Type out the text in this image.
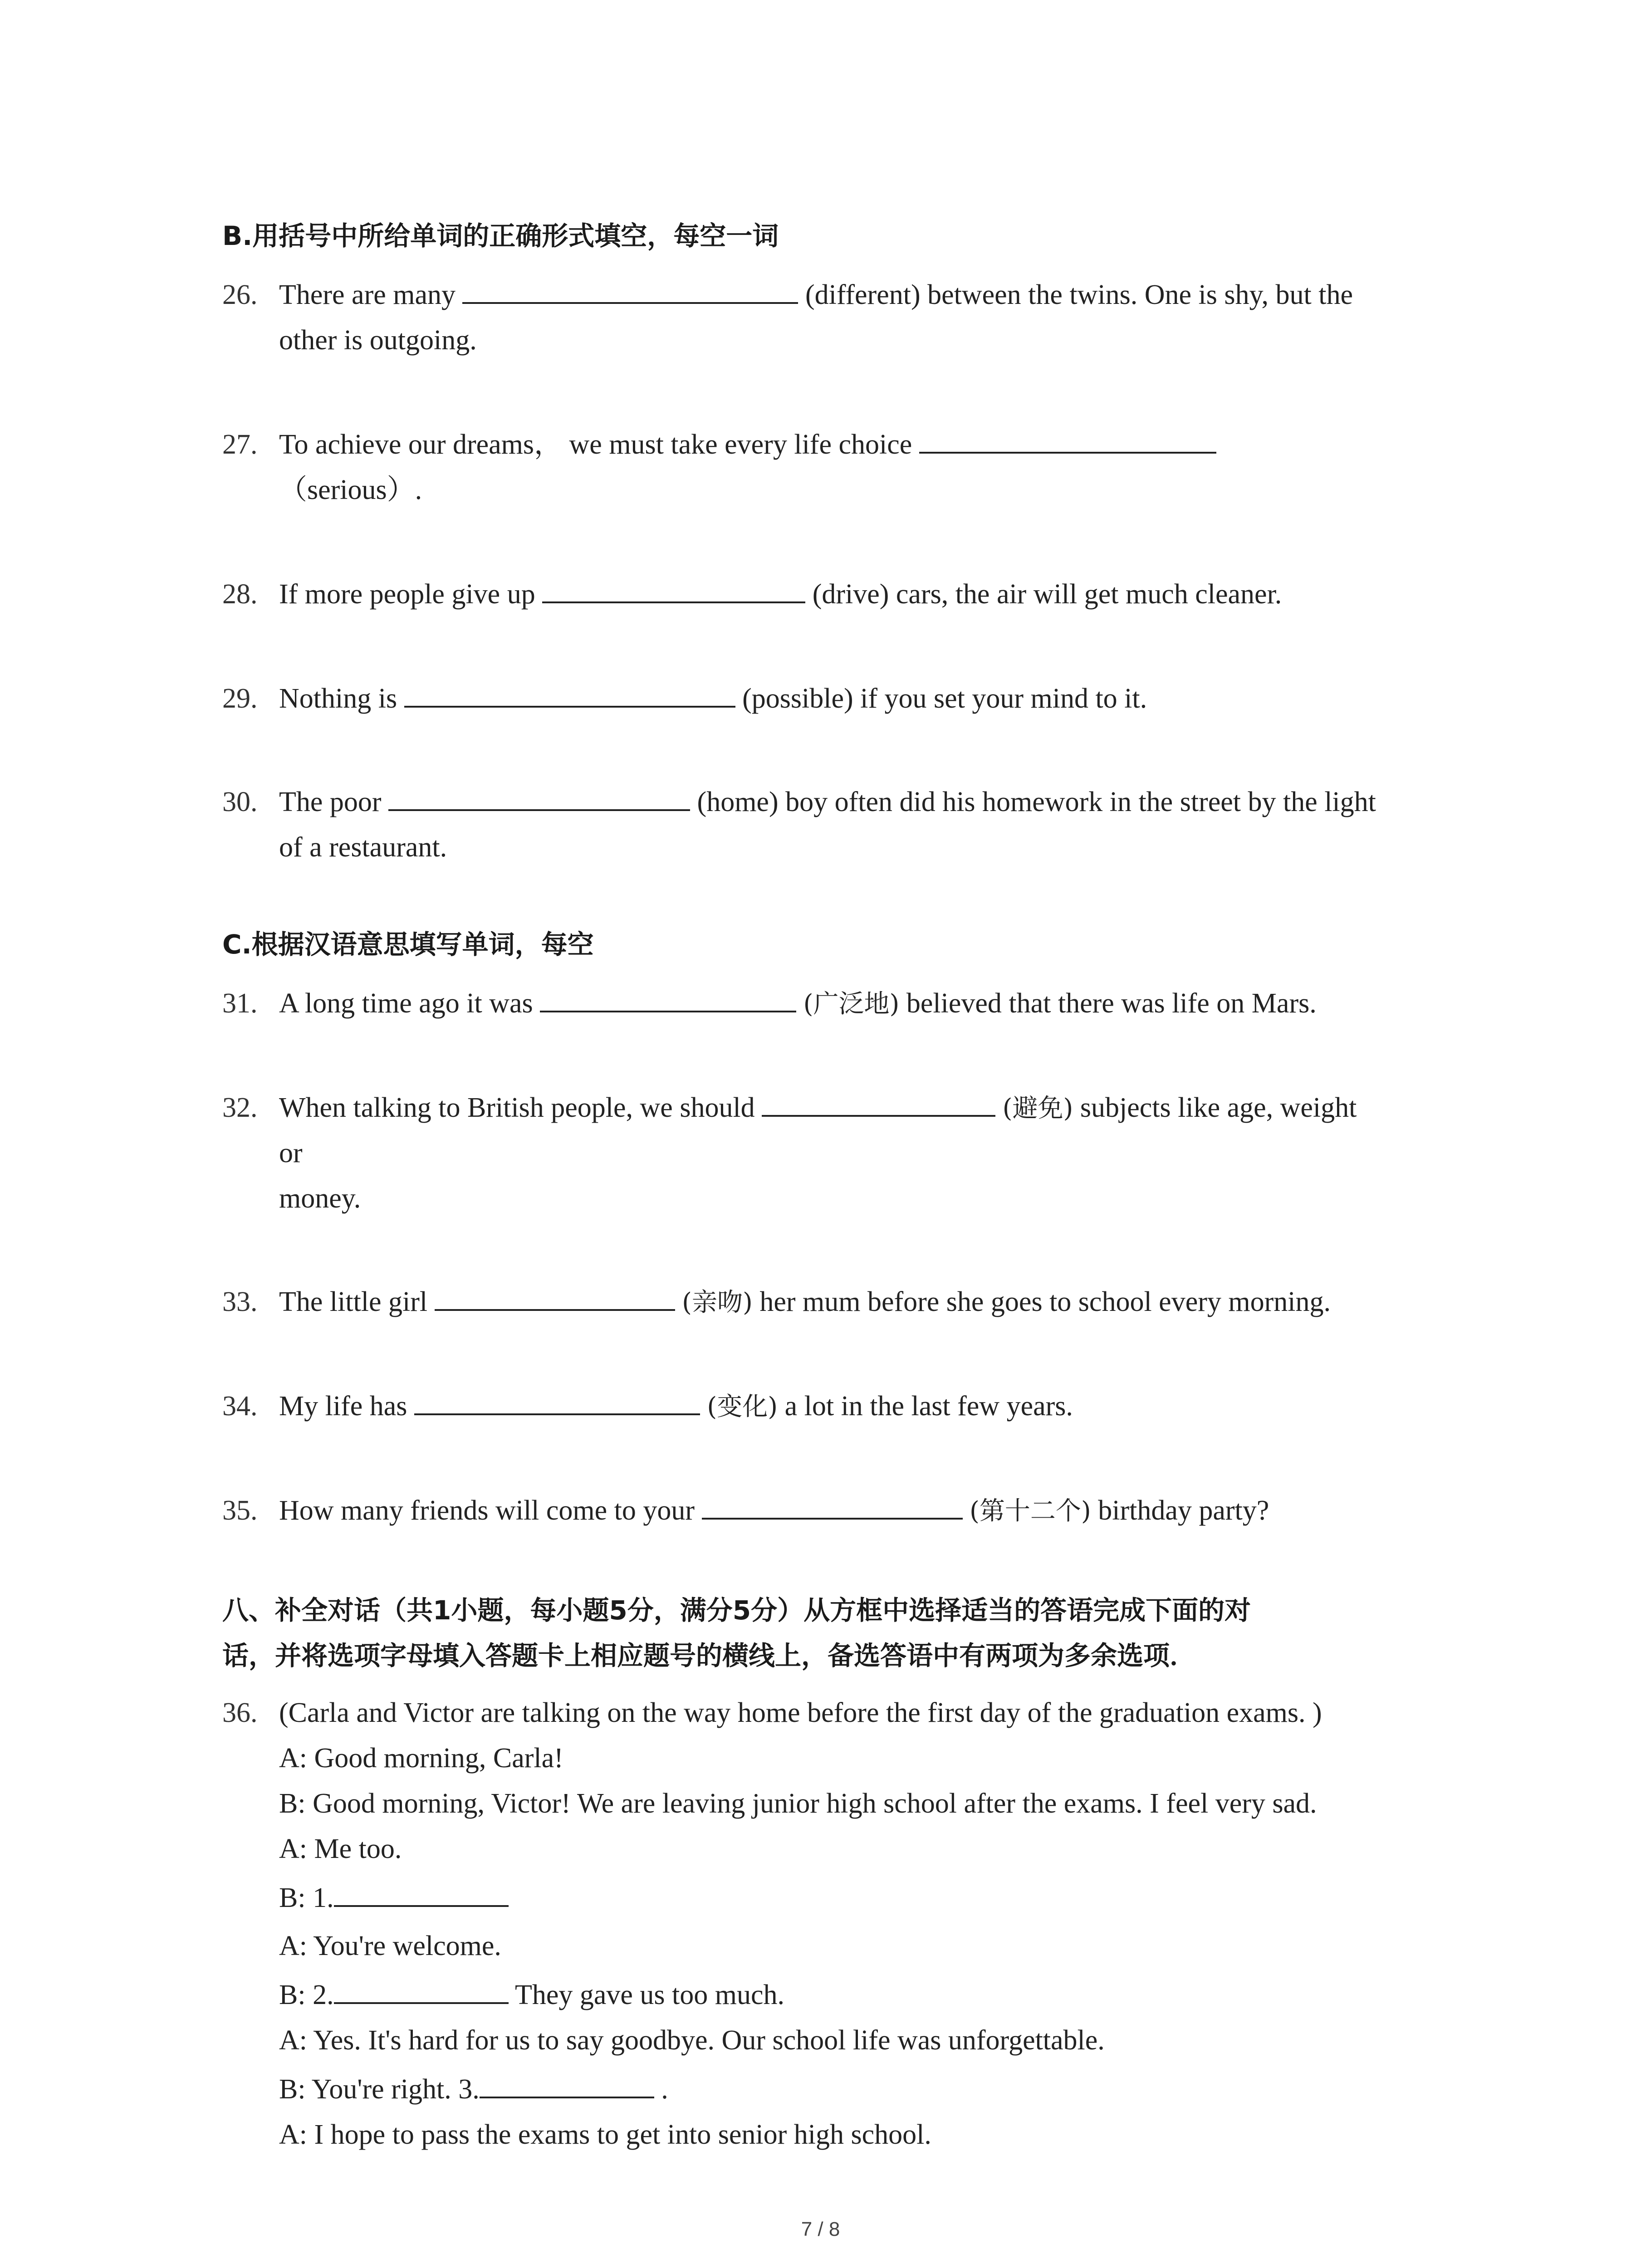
B.用括号中所给单词的正确形式填空，每空一词
26. There are many	(different) between the twins. One is shy, but the
other is outgoing.
27. To achieve our dreams， we must take every life choice
（serious）.
28. If more people give up	(drive) cars, the air will get much cleaner.
29. Nothing is	(possible) if you set your mind to it.
30. The poor	(home) boy often did his homework in the street by the light
of a restaurant.
C.根据汉语意思填写单词，每空
31. A long time ago it was	(广泛地) believed that there was life on Mars.
32. When talking to British people, we should	(避免) subjects like age, weight
or
money.
33. The little girl	(亲吻) her mum before she goes to school every morning.
34. My life has	(变化) a lot in the last few years.
35. How many friends will come to your	(第十二个) birthday party?
八、补全对话（共1小题，每小题5分，满分5分）从方框中选择适当的答语完成下面的对
话，并将选项字母填入答题卡上相应题号的横线上，备选答语中有两项为多余选项．
36. (Carla and Victor are talking on the way home before the first day of the graduation exams. )
A: Good morning, Carla!
B: Good morning, Victor! We are leaving junior high school after the exams. I feel very sad.
A: Me too.
B: 1.
A: You're welcome.
B: 2.	They gave us too much.
A: Yes. It's hard for us to say goodbye. Our school life was unforgettable.
B: You're right. 3.	.
A: I hope to pass the exams to get into senior high school.
7 / 8
